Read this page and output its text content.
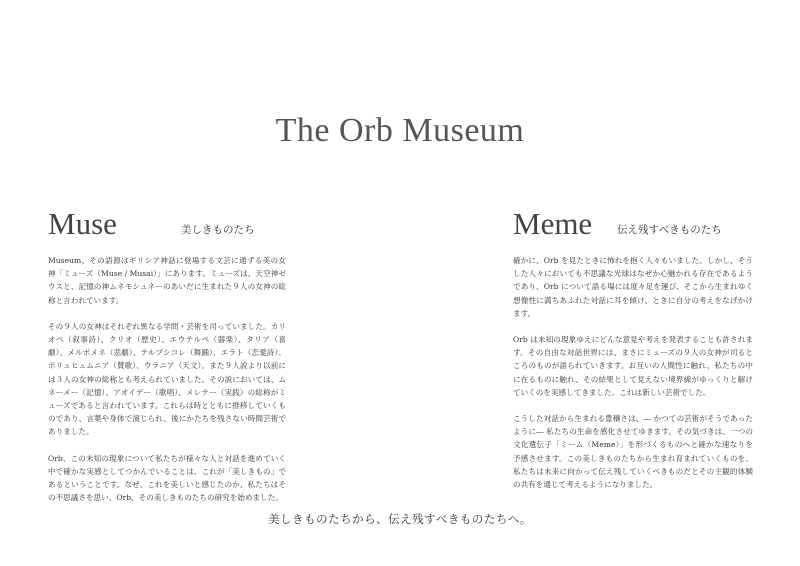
The Orb Museum
Muse	美しきものたち

Museum、その語源はギリシア神話に登場する文芸に通ずる美の女神「ミューズ（Muse / Musai）」にあります。ミューズは、天空神ゼウスと、記憶の神ムネモシュネーのあいだに生まれた９人の女神の総称と言われています。

その９人の女神はそれぞれ異なる学問・芸術を司っていました。カリオペ（叙事詩）、クリオ（歴史）、エウテルペ（器楽）、タリア（喜劇）、メルポメネ（悲劇）、テルプシコレ（舞踊）、エラト（恋愛詩）、ポリュヒュムニア（賛歌）、ウラニア（天文）。また９人説より以前には３人の女神の総称とも考えられていました。その説においては、ムネーメー（記憶）、アオイデー（歌唱）、メレテー（実践）の総称がミューズであると言われています。これらは時とともに推移していくものであり、言葉や身体で演じられ、後にかたちを残さない時間芸術でありました。

Orb、この未知の現象について私たちが様々な人と対話を進めていく中で確かな実感としてつかんでいることは、これが「美しきもの」であるということです。なぜ、これを美しいと感じたのか、私たちはその不思議さを思い、Orb、その美しきものたちの研究を始めました。

Meme 伝え残すべきものたち

確かに、Orb を見たときに怖れを抱く人々もいました。しかし、そうした人々においても不思議な光球はなぜか心魅かれる存在であるようであり、Orb について語る場には度々足を運び、そこから生まれゆく想像性に満ちあふれた対話に耳を傾け、ときに自分の考えをなげかけます。

Orb は未知の現象ゆえにどんな意見や考えを発表することも許されます。その自由な対話世界には、まさにミューズの９人の女神が司るところのものが語られていきます。お互いの人間性に触れ、私たちの中に在るものに触れ、その結果として見えない境界線がゆっくりと解けていくのを実感してきました。これは新しい芸術でした。

こうした対話から生まれる豊穣さは、― かつての芸術がそうであったように― 私たちの生命を感化させてゆきます。その気づきは、一つの文化遺伝子「ミーム（Meme）」を形づくるものへと確かな速なりを予感させます。この美しきものたちから生まれ育まれていくものを、私たちは未来に向かって伝え残していくべきものだとその主観的体験の共有を通じて考えるようになりました。

美しきものたちから、伝え残すべきものたちへ。
